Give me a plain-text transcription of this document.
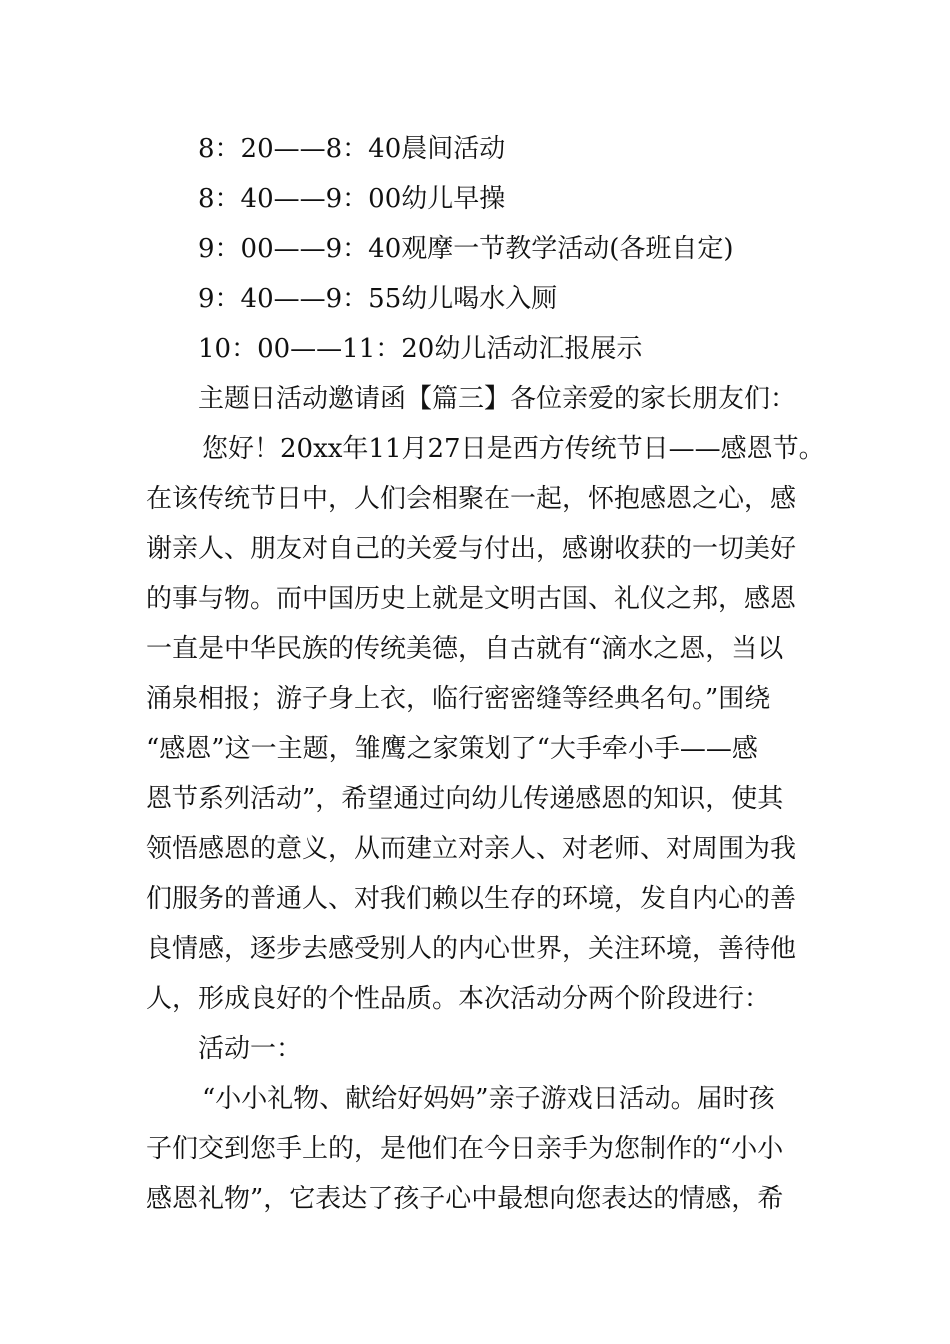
8：20——8：40晨间活动
8：40——9：00幼儿早操
9：00——9：40观摩一节教学活动(各班自定)
9：40——9：55幼儿喝水入厕
10：00——11：20幼儿活动汇报展示
主题日活动邀请函【篇三】各位亲爱的家长朋友们：
您好！20xx年11月27日是西方传统节日——感恩节。
在该传统节日中，人们会相聚在一起，怀抱感恩之心，感
谢亲人、朋友对自己的关爱与付出，感谢收获的一切美好
的事与物。而中国历史上就是文明古国、礼仪之邦，感恩
一直是中华民族的传统美德，自古就有“滴水之恩，当以
涌泉相报；游子身上衣，临行密密缝等经典名句。”围绕
“感恩”这一主题，雏鹰之家策划了“大手牵小手——感
恩节系列活动”，希望通过向幼儿传递感恩的知识，使其
领悟感恩的意义，从而建立对亲人、对老师、对周围为我
们服务的普通人、对我们赖以生存的环境，发自内心的善
良情感，逐步去感受别人的内心世界，关注环境，善待他
人，形成良好的个性品质。本次活动分两个阶段进行：
活动一：
“小小礼物、献给好妈妈”亲子游戏日活动。届时孩
子们交到您手上的，是他们在今日亲手为您制作的“小小
感恩礼物”，它表达了孩子心中最想向您表达的情感，希
